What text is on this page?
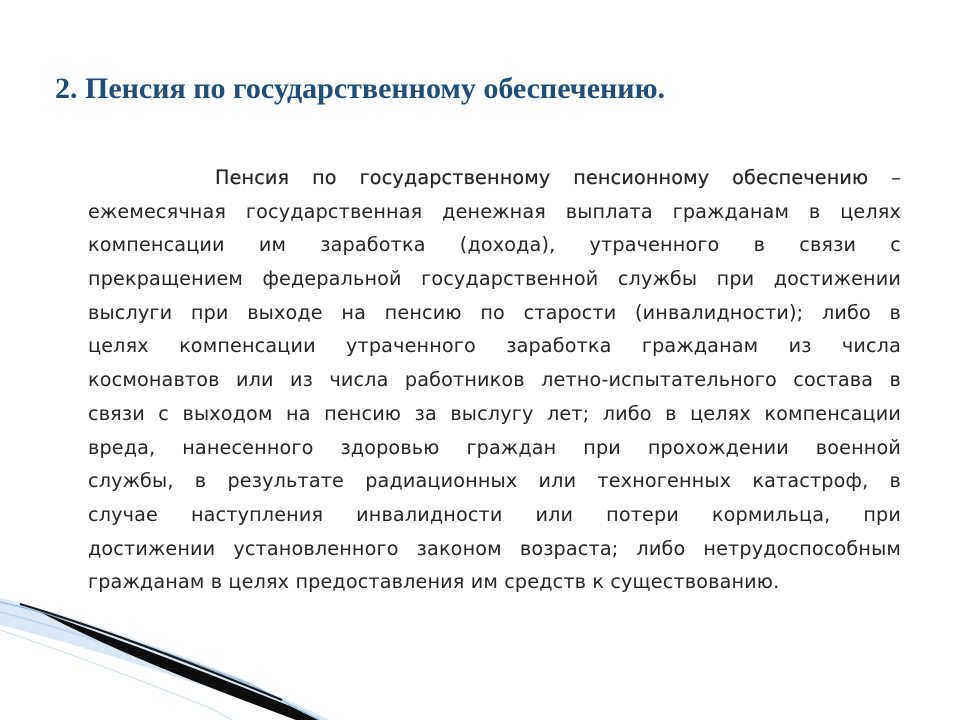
2. Пенсия по государственному обеспечению.
Пенсия по государственному пенсионному обеспечению –
ежемесячная государственная денежная выплата гражданам в целях
компенсации им заработка (дохода), утраченного в связи с
прекращением федеральной государственной службы при достижении
выслуги при выходе на пенсию по старости (инвалидности); либо в
целях компенсации утраченного заработка гражданам из числа
космонавтов или из числа работников летно-испытательного состава в
связи с выходом на пенсию за выслугу лет; либо в целях компенсации
вреда, нанесенного здоровью граждан при прохождении военной
службы, в результате радиационных или техногенных катастроф, в
случае наступления инвалидности или потери кормильца, при
достижении установленного законом возраста; либо нетрудоспособным
гражданам в целях предоставления им средств к существованию.
